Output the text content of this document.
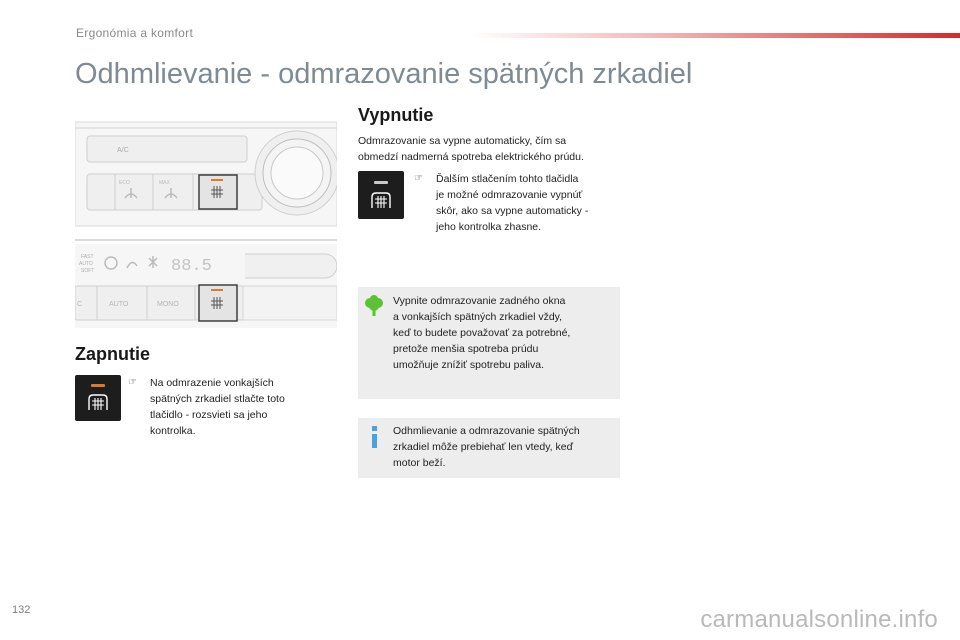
Ergonómia a komfort
Odhmlievanie - odmrazovanie spätných zrkadiel
A/C
ECO	MAX
FAST
AUTO
SOFT	88.5
C	AUTO	MONO
Zapnutie
☞	Na odmrazenie vonkajších
spätných zrkadiel stlačte toto
tlačidlo - rozsvieti sa jeho
kontrolka.
Vypnutie
Odmrazovanie sa vypne automaticky, čím sa
obmedzí nadmerná spotreba elektrického prúdu.
☞	Ďalším stlačením tohto tlačidla
je možné odmrazovanie vypnúť
skôr, ako sa vypne automaticky -
jeho kontrolka zhasne.
Vypnite odmrazovanie zadného okna
a vonkajších spätných zrkadiel vždy,
keď to budete považovať za potrebné,
pretože menšia spotreba prúdu
umožňuje znížiť spotrebu paliva.
Odhmlievanie a odmrazovanie spätných
zrkadiel môže prebiehať len vtedy, keď
motor beží.
132	carmanualsonline.info
